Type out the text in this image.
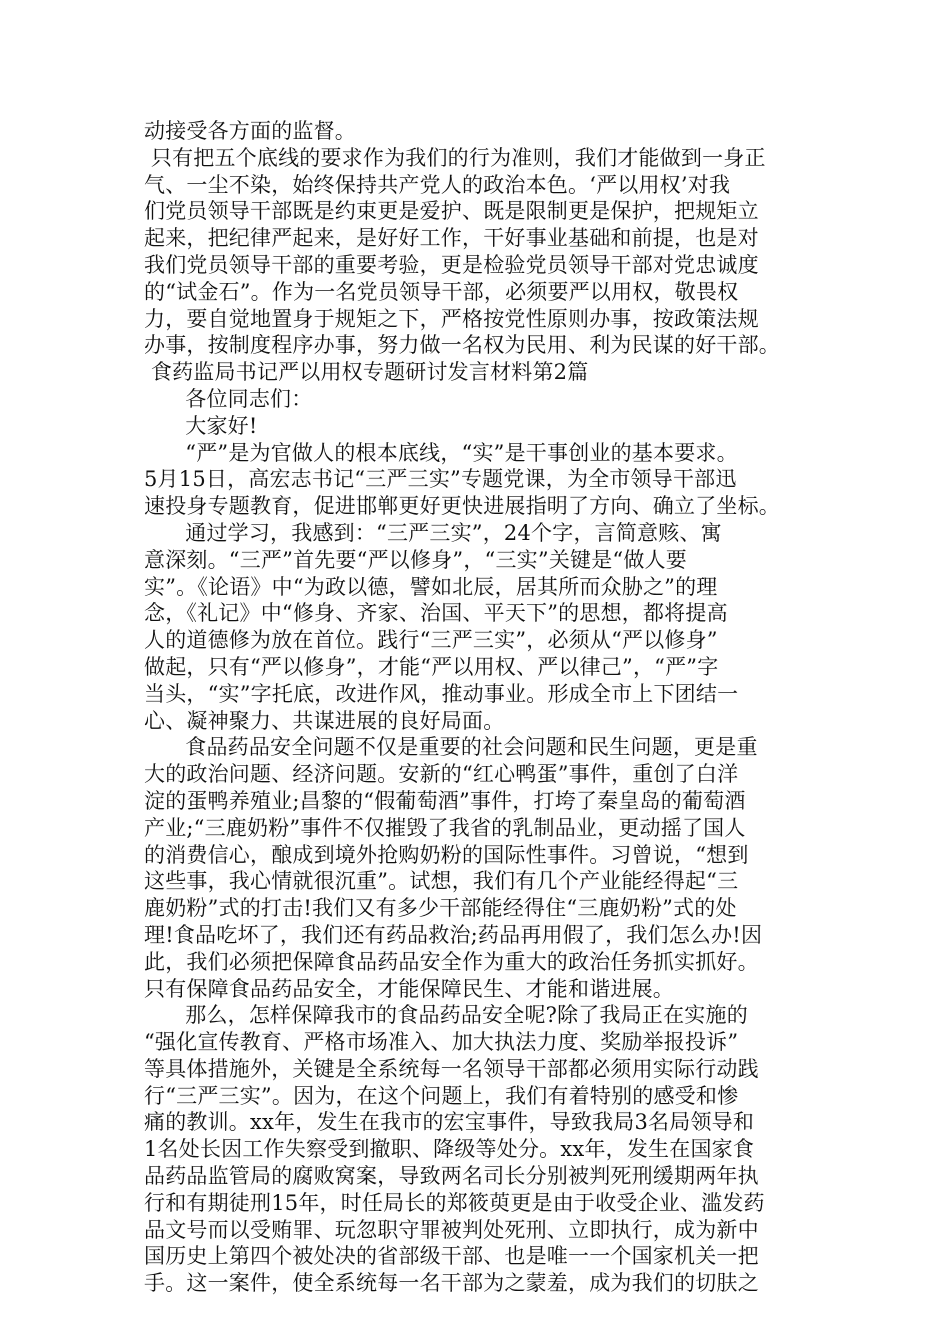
动接受各方面的监督。
只有把五个底线的要求作为我们的行为准则，我们才能做到一身正
气、一尘不染，始终保持共产党人的政治本色。‘严以用权’对我
们党员领导干部既是约束更是爱护、既是限制更是保护，把规矩立
起来，把纪律严起来，是好好工作，干好事业基础和前提，也是对
我们党员领导干部的重要考验，更是检验党员领导干部对党忠诚度
的“试金石”。作为一名党员领导干部，必须要严以用权，敬畏权
力，要自觉地置身于规矩之下，严格按党性原则办事，按政策法规
办事，按制度程序办事，努力做一名权为民用、利为民谋的好干部。
食药监局书记严以用权专题研讨发言材料第2篇
各位同志们：
大家好!
“严”是为官做人的根本底线，“实”是干事创业的基本要求。
5月15日，高宏志书记“三严三实”专题党课，为全市领导干部迅
速投身专题教育，促进邯郸更好更快进展指明了方向、确立了坐标。
通过学习，我感到：“三严三实”，24个字，言简意赅、寓
意深刻。“三严”首先要“严以修身”，“三实”关键是“做人要
实”。《论语》中“为政以德，譬如北辰，居其所而众胁之”的理
念，《礼记》中“修身、齐家、治国、平天下”的思想，都将提高
人的道德修为放在首位。践行“三严三实”，必须从“严以修身”
做起，只有“严以修身”，才能“严以用权、严以律己”，“严”字
当头，“实”字托底，改进作风，推动事业。形成全市上下团结一
心、凝神聚力、共谋进展的良好局面。
食品药品安全问题不仅是重要的社会问题和民生问题，更是重
大的政治问题、经济问题。安新的“红心鸭蛋”事件，重创了白洋
淀的蛋鸭养殖业;昌黎的“假葡萄酒”事件，打垮了秦皇岛的葡萄酒
产业;“三鹿奶粉”事件不仅摧毁了我省的乳制品业，更动摇了国人
的消费信心，酿成到境外抢购奶粉的国际性事件。习曾说，“想到
这些事，我心情就很沉重”。试想，我们有几个产业能经得起“三
鹿奶粉”式的打击!我们又有多少干部能经得住“三鹿奶粉”式的处
理!食品吃坏了，我们还有药品救治;药品再用假了，我们怎么办!因
此，我们必须把保障食品药品安全作为重大的政治任务抓实抓好。
只有保障食品药品安全，才能保障民生、才能和谐进展。
那么，怎样保障我市的食品药品安全呢?除了我局正在实施的
“强化宣传教育、严格市场准入、加大执法力度、奖励举报投诉”
等具体措施外，关键是全系统每一名领导干部都必须用实际行动践
行“三严三实”。因为，在这个问题上，我们有着特别的感受和惨
痛的教训。xx年，发生在我市的宏宝事件，导致我局3名局领导和
1名处长因工作失察受到撤职、降级等处分。xx年，发生在国家食
品药品监管局的腐败窝案，导致两名司长分别被判死刑缓期两年执
行和有期徒刑15年，时任局长的郑筱萸更是由于收受企业、滥发药
品文号而以受贿罪、玩忽职守罪被判处死刑、立即执行，成为新中
国历史上第四个被处决的省部级干部、也是唯一一个国家机关一把
手。这一案件，使全系统每一名干部为之蒙羞，成为我们的切肤之
